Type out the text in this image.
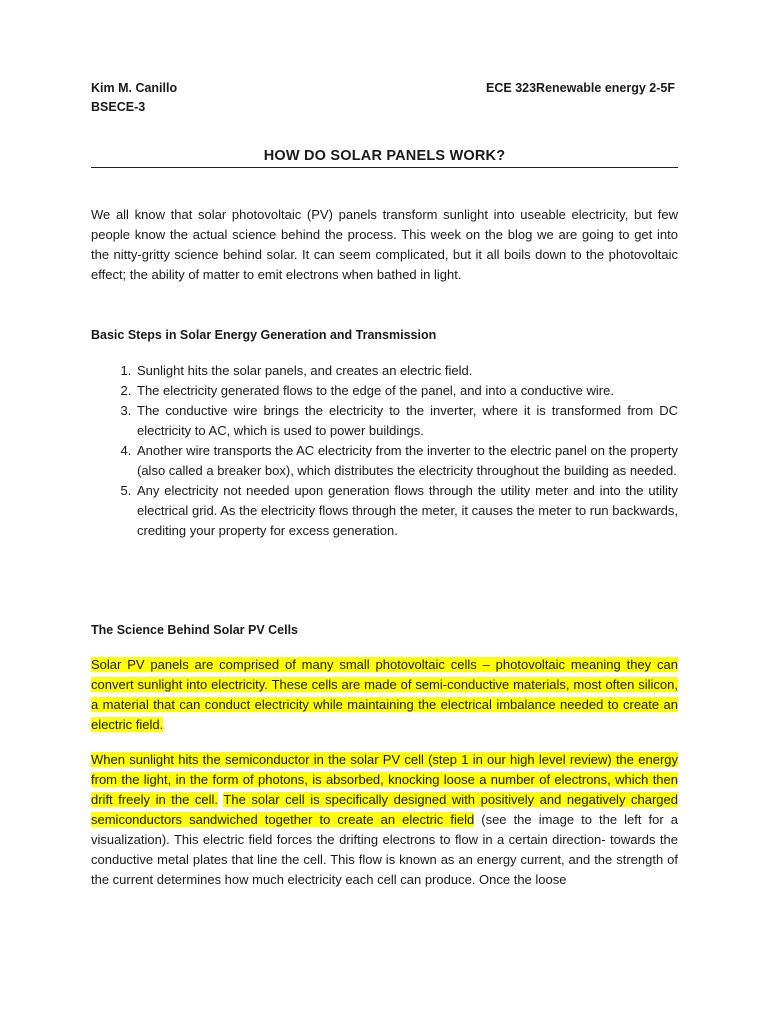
Kim M. Canillo
BSECE-3
ECE 323Renewable energy 2-5F
HOW DO SOLAR PANELS WORK?

We all know that solar photovoltaic (PV) panels transform sunlight into useable electricity, but few people know the actual science behind the process. This week on the blog we are going to get into the nitty-gritty science behind solar. It can seem complicated, but it all boils down to the photovoltaic effect; the ability of matter to emit electrons when bathed in light.

Basic Steps in Solar Energy Generation and Transmission

1. Sunlight hits the solar panels, and creates an electric field.
2. The electricity generated flows to the edge of the panel, and into a conductive wire.
3. The conductive wire brings the electricity to the inverter, where it is transformed from DC electricity to AC, which is used to power buildings.
4. Another wire transports the AC electricity from the inverter to the electric panel on the property (also called a breaker box), which distributes the electricity throughout the building as needed.
5. Any electricity not needed upon generation flows through the utility meter and into the utility electrical grid. As the electricity flows through the meter, it causes the meter to run backwards, crediting your property for excess generation.

The Science Behind Solar PV Cells

Solar PV panels are comprised of many small photovoltaic cells – photovoltaic meaning they can convert sunlight into electricity. These cells are made of semi-conductive materials, most often silicon, a material that can conduct electricity while maintaining the electrical imbalance needed to create an electric field.

When sunlight hits the semiconductor in the solar PV cell (step 1 in our high level review) the energy from the light, in the form of photons, is absorbed, knocking loose a number of electrons, which then drift freely in the cell. The solar cell is specifically designed with positively and negatively charged semiconductors sandwiched together to create an electric field (see the image to the left for a visualization). This electric field forces the drifting electrons to flow in a certain direction- towards the conductive metal plates that line the cell. This flow is known as an energy current, and the strength of the current determines how much electricity each cell can produce. Once the loose
